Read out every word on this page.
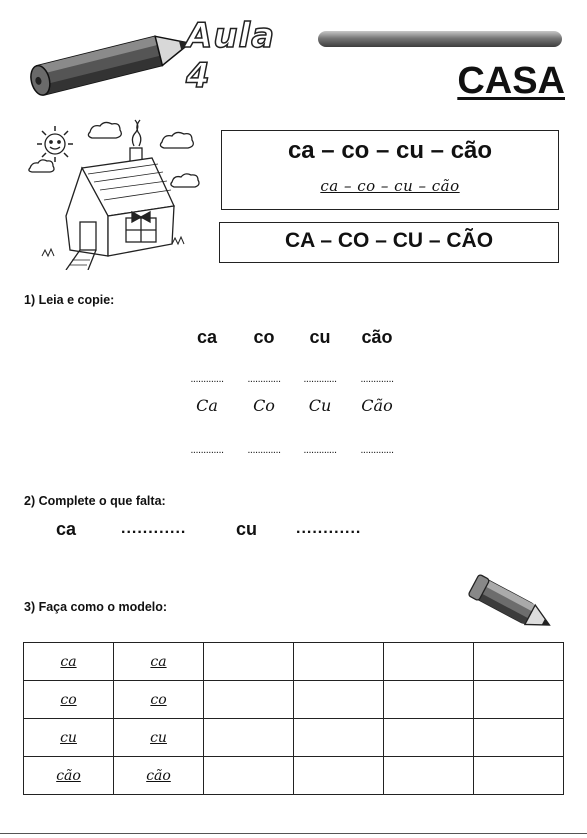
Aula 4	CASA
ca – co – cu – cão
ca – co – cu – cão
CA – CO – CU – CÃO
1) Leia e copie:
ca	co	cu	cão
.............	.............	.............	.............
Ca	Co	Cu	Cão
.............	.............	.............	.............
2) Complete o que falta:
ca	............	cu ............
3) Faça como o modelo:
ca	ca				
co	co				
cu	cu				
cão	cão				
